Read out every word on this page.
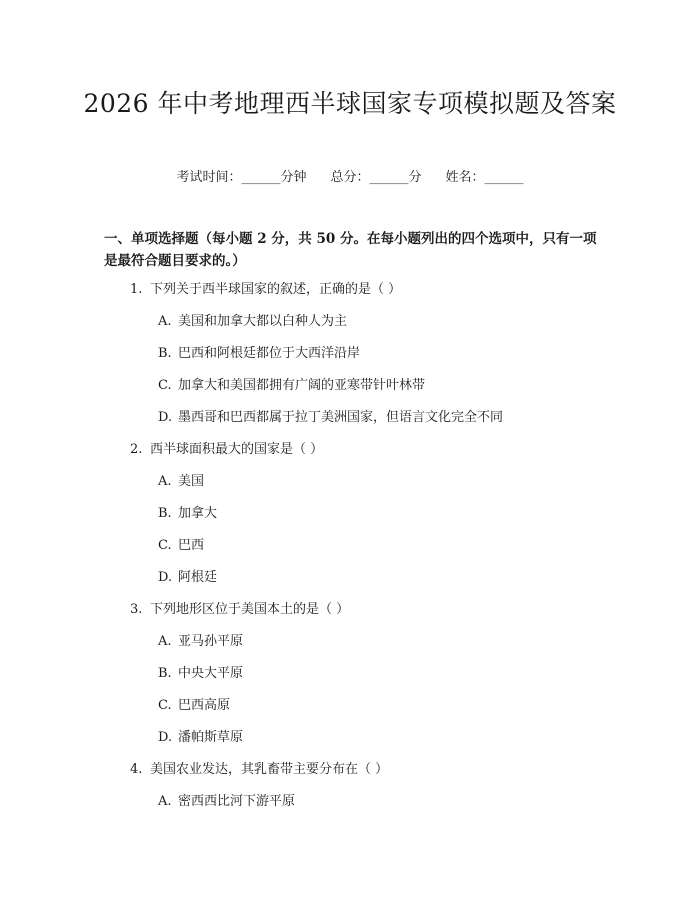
2026 年中考地理西半球国家专项模拟题及答案
考试时间：______分钟 总分：______分 姓名：______
一、单项选择题（每小题 2 分，共 50 分。在每小题列出的四个选项中，只有一项是最符合题目要求的。）
1. 下列关于西半球国家的叙述，正确的是（ ）
A. 美国和加拿大都以白种人为主
B. 巴西和阿根廷都位于大西洋沿岸
C. 加拿大和美国都拥有广阔的亚寒带针叶林带
D. 墨西哥和巴西都属于拉丁美洲国家，但语言文化完全不同
2. 西半球面积最大的国家是（ ）
A. 美国
B. 加拿大
C. 巴西
D. 阿根廷
3. 下列地形区位于美国本土的是（ ）
A. 亚马孙平原
B. 中央大平原
C. 巴西高原
D. 潘帕斯草原
4. 美国农业发达，其乳畜带主要分布在（ ）
A. 密西西比河下游平原
